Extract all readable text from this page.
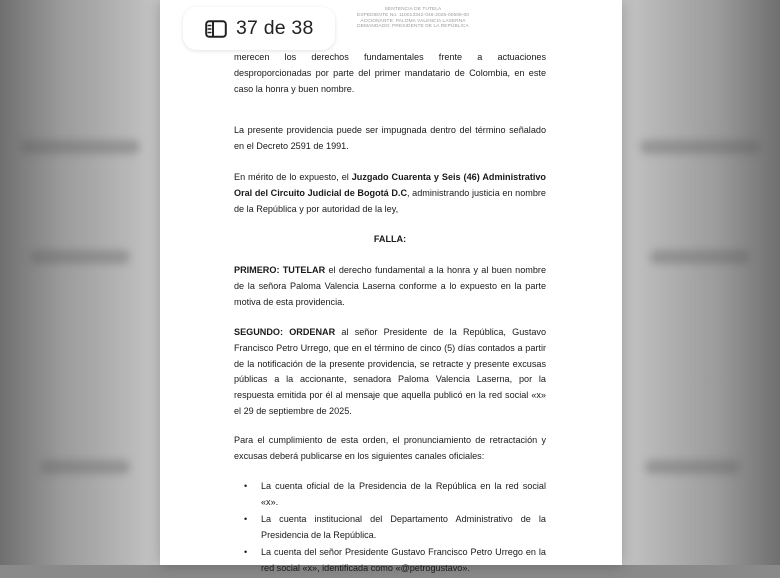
SENTENCIA DE TUTELA
EXPEDIENTE No. 110013342-046-2025-00508-00
ACCIONANTE: PALOMA VALENCIA LASERNA
DEMANDADO: PRESIDENTE DE LA REPÚBLICA

merecen los derechos fundamentales frente a actuaciones desproporcionadas por parte del primer mandatario de Colombia, en este caso la honra y buen nombre.

La presente providencia puede ser impugnada dentro del término señalado en el Decreto 2591 de 1991.

En mérito de lo expuesto, el Juzgado Cuarenta y Seis (46) Administrativo Oral del Circuito Judicial de Bogotá D.C, administrando justicia en nombre de la República y por autoridad de la ley,

FALLA:

PRIMERO: TUTELAR el derecho fundamental a la honra y al buen nombre de la señora Paloma Valencia Laserna conforme a lo expuesto en la parte motiva de esta providencia.

SEGUNDO: ORDENAR al señor Presidente de la República, Gustavo Francisco Petro Urrego, que en el término de cinco (5) días contados a partir de la notificación de la presente providencia, se retracte y presente excusas públicas a la accionante, senadora Paloma Valencia Laserna, por la respuesta emitida por él al mensaje que aquella publicó en la red social «x» el 29 de septiembre de 2025.

Para el cumplimiento de esta orden, el pronunciamiento de retractación y excusas deberá publicarse en los siguientes canales oficiales:

• La cuenta oficial de la Presidencia de la República en la red social «x».
• La cuenta institucional del Departamento Administrativo de la Presidencia de la República.
• La cuenta del señor Presidente Gustavo Francisco Petro Urrego en la red social «x», identificada como «@petrogustavo».
37 de 38
